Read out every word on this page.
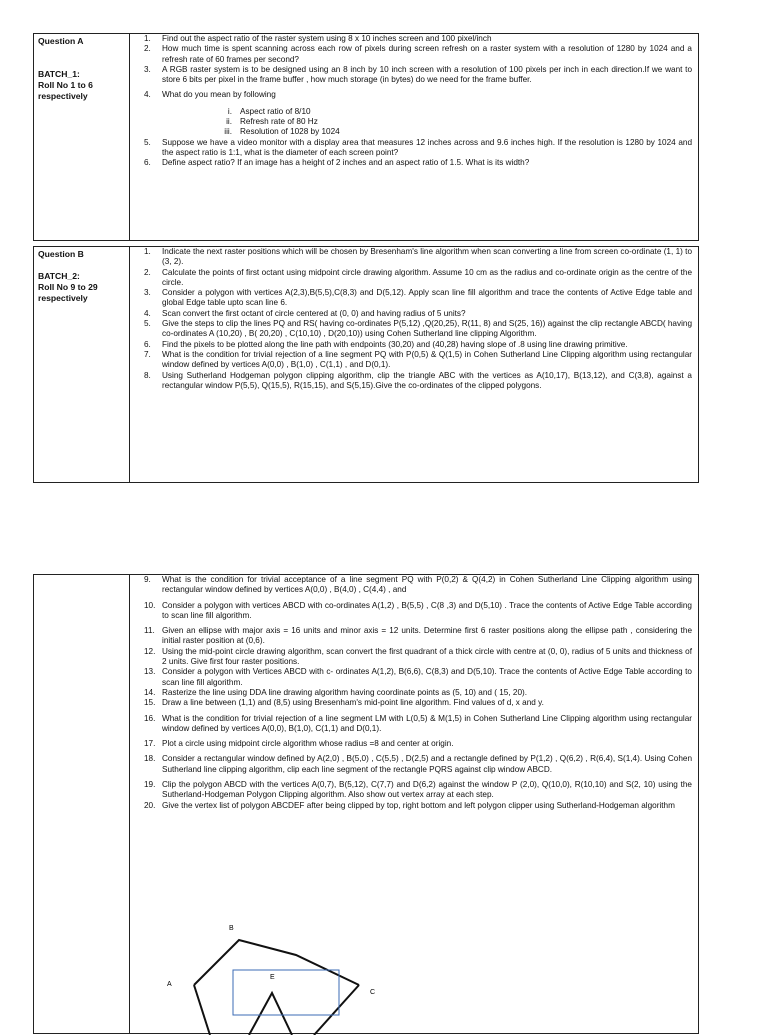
Question A

BATCH_1:

Roll No 1 to 6 respectively

1.	Find out the aspect ratio of the raster system using 8 x 10 inches screen and 100 pixel/inch
2.	How much time is spent scanning across each row of pixels during screen refresh on a raster system with a resolution of 1280 by 1024 and a refresh rate of 60 frames per second?
3.	A RGB raster system is to be designed using an 8 inch by 10 inch screen with a resolution of 100 pixels per inch in each direction.If we want to store 6 bits per pixel in the frame buffer , how much storage (in bytes) do we need for the frame buffer.
4.	What do you mean by following
i. Aspect ratio of 8/10
ii. Refresh rate of 80 Hz
iii. Resolution of 1028 by 1024
5.	Suppose we have a video monitor with a display area that measures 12 inches across and 9.6 inches high. If the resolution is 1280 by 1024 and the aspect ratio is 1:1, what is the diameter of each screen point?
6.	Define aspect ratio? If an image has a height of 2 inches and an aspect ratio of 1.5. What is its width?

Question B

BATCH_2:

Roll No 9 to 29 respectively

1.	Indicate the next raster positions which will be chosen by Bresenham's line algorithm when scan converting a line from screen co-ordinate (1, 1) to (3, 2).
2.	Calculate the points of first octant using midpoint circle drawing algorithm. Assume 10 cm as the radius and co-ordinate origin as the centre of the circle.
3.	Consider a polygon with vertices A(2,3),B(5,5),C(8,3) and D(5,12). Apply scan line fill algorithm and trace the contents of Active Edge table and global Edge table upto scan line 6.
4.	Scan convert the first octant of circle centered at (0, 0) and having radius of 5 units?
5.	Give the steps to clip the lines PQ and RS( having co-ordinates P(5,12) ,Q(20,25), R(11, 8) and S(25, 16)) against the clip rectangle ABCD( having co-ordinates A (10,20) , B( 20,20) , C(10,10) , D(20,10)) using Cohen Sutherland line clipping Algorithm.
6.	Find the pixels to be plotted along the line path with endpoints (30,20) and (40,28) having slope of .8 using line drawing primitive.
7.	What is the condition for trivial rejection of a line segment PQ with P(0,5) & Q(1,5) in Cohen Sutherland Line Clipping algorithm using rectangular window defined by vertices A(0,0) , B(1,0) , C(1,1) , and D(0,1).
8.	Using Sutherland Hodgeman polygon clipping algorithm, clip the triangle ABC with the vertices as A(10,17), B(13,12), and C(3,8), against a rectangular window P(5,5), Q(15,5), R(15,15), and S(5,15).Give the co-ordinates of the clipped polygons.
9.	What is the condition for trivial acceptance of a line segment PQ with P(0,2) & Q(4,2) in Cohen Sutherland Line Clipping algorithm using rectangular window defined by vertices A(0,0) , B(4,0) , C(4,4) , and
10. Consider a polygon with vertices ABCD with co-ordinates A(1,2) , B(5,5) , C(8 ,3) and D(5,10) . Trace the contents of Active Edge Table according to scan line fill algorithm.
11. Given an ellipse with major axis = 16 units and minor axis = 12 units. Determine first 6 raster positions along the ellipse path , considering the initial raster position at (0,6).
12. Using the mid-point circle drawing algorithm, scan convert the first quadrant of a thick circle with centre at (0, 0), radius of 5 units and thickness of 2 units. Give first four raster positions.
13. Consider a polygon with Vertices ABCD with c- ordinates A(1,2), B(6,6), C(8,3) and D(5,10). Trace the contents of Active Edge Table according to scan line fill algorithm.
14. Rasterize the line using DDA line drawing algorithm having coordinate points as (5, 10) and ( 15, 20).
15. Draw a line between (1,1) and (8,5) using Bresenham's mid-point line algorithm. Find values of d, x and y.
16. What is the condition for trivial rejection of a line segment LM with L(0,5) & M(1,5) in Cohen Sutherland Line Clipping algorithm using rectangular window defined by vertices A(0,0), B(1,0), C(1,1) and D(0,1).
17. Plot a circle using midpoint circle algorithm whose radius =8 and center at origin.
18. Consider a rectangular window defined by A(2,0) , B(5,0) , C(5,5) , D(2,5) and a rectangle defined by P(1,2) , Q(6,2) , R(6,4), S(1,4). Using Cohen Sutherland line clipping algorithm, clip each line segment of the rectangle PQRS against clip window ABCD.
19. Clip the polygon ABCD with the vertices A(0,7), B(5,12), C(7,7) and D(6,2) against the window P (2,0), Q(10,0), R(10,10) and S(2, 10) using the Sutherland-Hodgeman Polygon Clipping algorithm. Also show out vertex array at each step.
20. Give the vertex list of polygon ABCDEF after being clipped by top, right bottom and left polygon clipper using Sutherland-Hodgeman algorithm
B
A
C
E
